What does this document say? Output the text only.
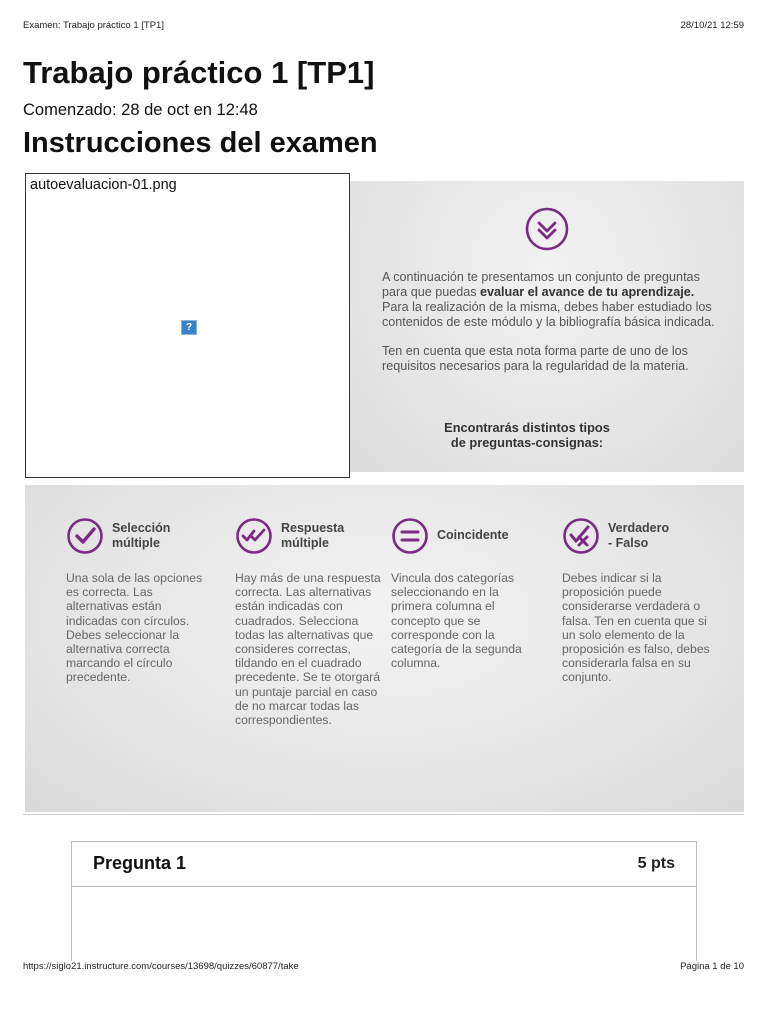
Examen: Trabajo práctico 1 [TP1]	28/10/21 12:59
Trabajo práctico 1 [TP1]
Comenzado: 28 de oct en 12:48
Instrucciones del examen
autoevaluacion-01.png
?

A continuación te presentamos un conjunto de preguntas para que puedas evaluar el avance de tu aprendizaje. Para la realización de la misma, debes haber estudiado los contenidos de este módulo y la bibliografía básica indicada.

Ten en cuenta que esta nota forma parte de uno de los requisitos necesarios para la regularidad de la materia.

Encontrarás distintos tipos
de preguntas-consignas:
Selección
múltiple
Una sola de las opciones es correcta. Las alternativas están indicadas con círculos. Debes seleccionar la alternativa correcta marcando el círculo precedente.
Respuesta
múltiple
Hay más de una respuesta correcta. Las alternativas están indicadas con cuadrados. Selecciona todas las alternativas que consideres correctas, tildando en el cuadrado precedente. Se te otorgará un puntaje parcial en caso de no marcar todas las correspondientes.
Coincidente
Vincula dos categorías seleccionando en la primera columna el concepto que se corresponde con la categoría de la segunda columna.
Verdadero
- Falso
Debes indicar si la proposición puede considerarse verdadera o falsa. Ten en cuenta que si un solo elemento de la proposición es falso, debes considerarla falsa en su conjunto.
Pregunta 1	5 pts
https://siglo21.instructure.com/courses/13698/quizzes/60877/take	Página 1 de 10
